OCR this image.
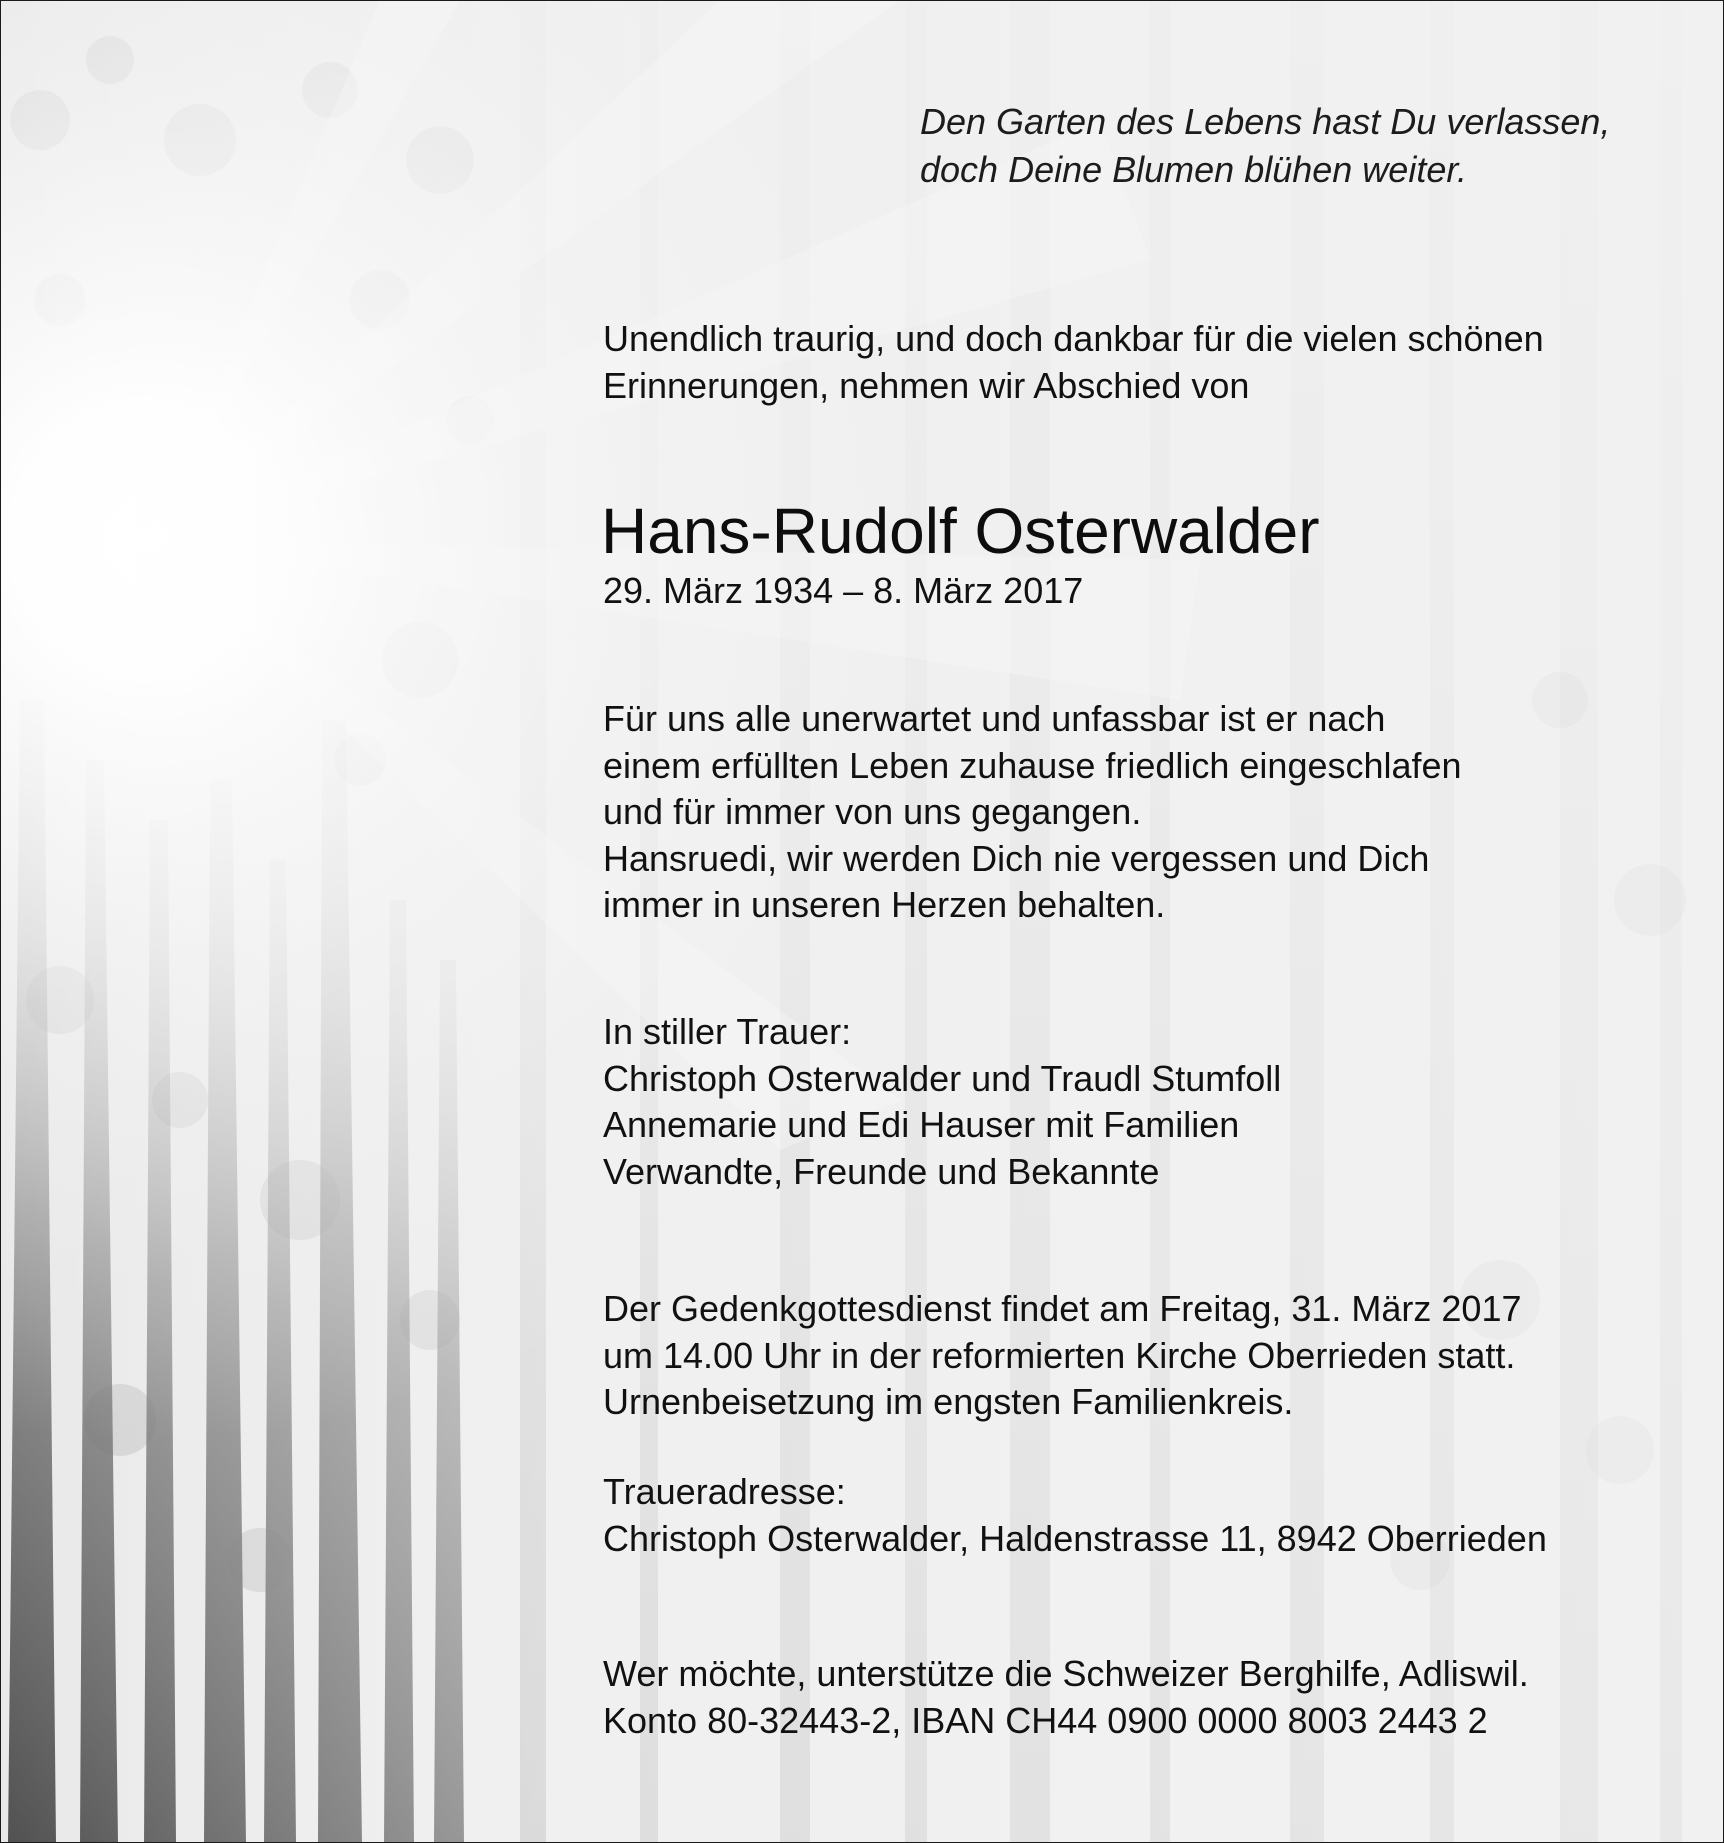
Den Garten des Lebens hast Du verlassen,
doch Deine Blumen blühen weiter.
Unendlich traurig, und doch dankbar für die vielen schönen
Erinnerungen, nehmen wir Abschied von
Hans-Rudolf Osterwalder
29. März 1934 – 8. März 2017
Für uns alle unerwartet und unfassbar ist er nach
einem erfüllten Leben zuhause friedlich eingeschlafen
und für immer von uns gegangen.
Hansruedi, wir werden Dich nie vergessen und Dich
immer in unseren Herzen behalten.
In stiller Trauer:
Christoph Osterwalder und Traudl Stumfoll
Annemarie und Edi Hauser mit Familien
Verwandte, Freunde und Bekannte
Der Gedenkgottesdienst findet am Freitag, 31. März 2017
um 14.00 Uhr in der reformierten Kirche Oberrieden statt.
Urnenbeisetzung im engsten Familienkreis.
Traueradresse:
Christoph Osterwalder, Haldenstrasse 11, 8942 Oberrieden
Wer möchte, unterstütze die Schweizer Berghilfe, Adliswil.
Konto 80-32443-2, IBAN CH44 0900 0000 8003 2443 2
